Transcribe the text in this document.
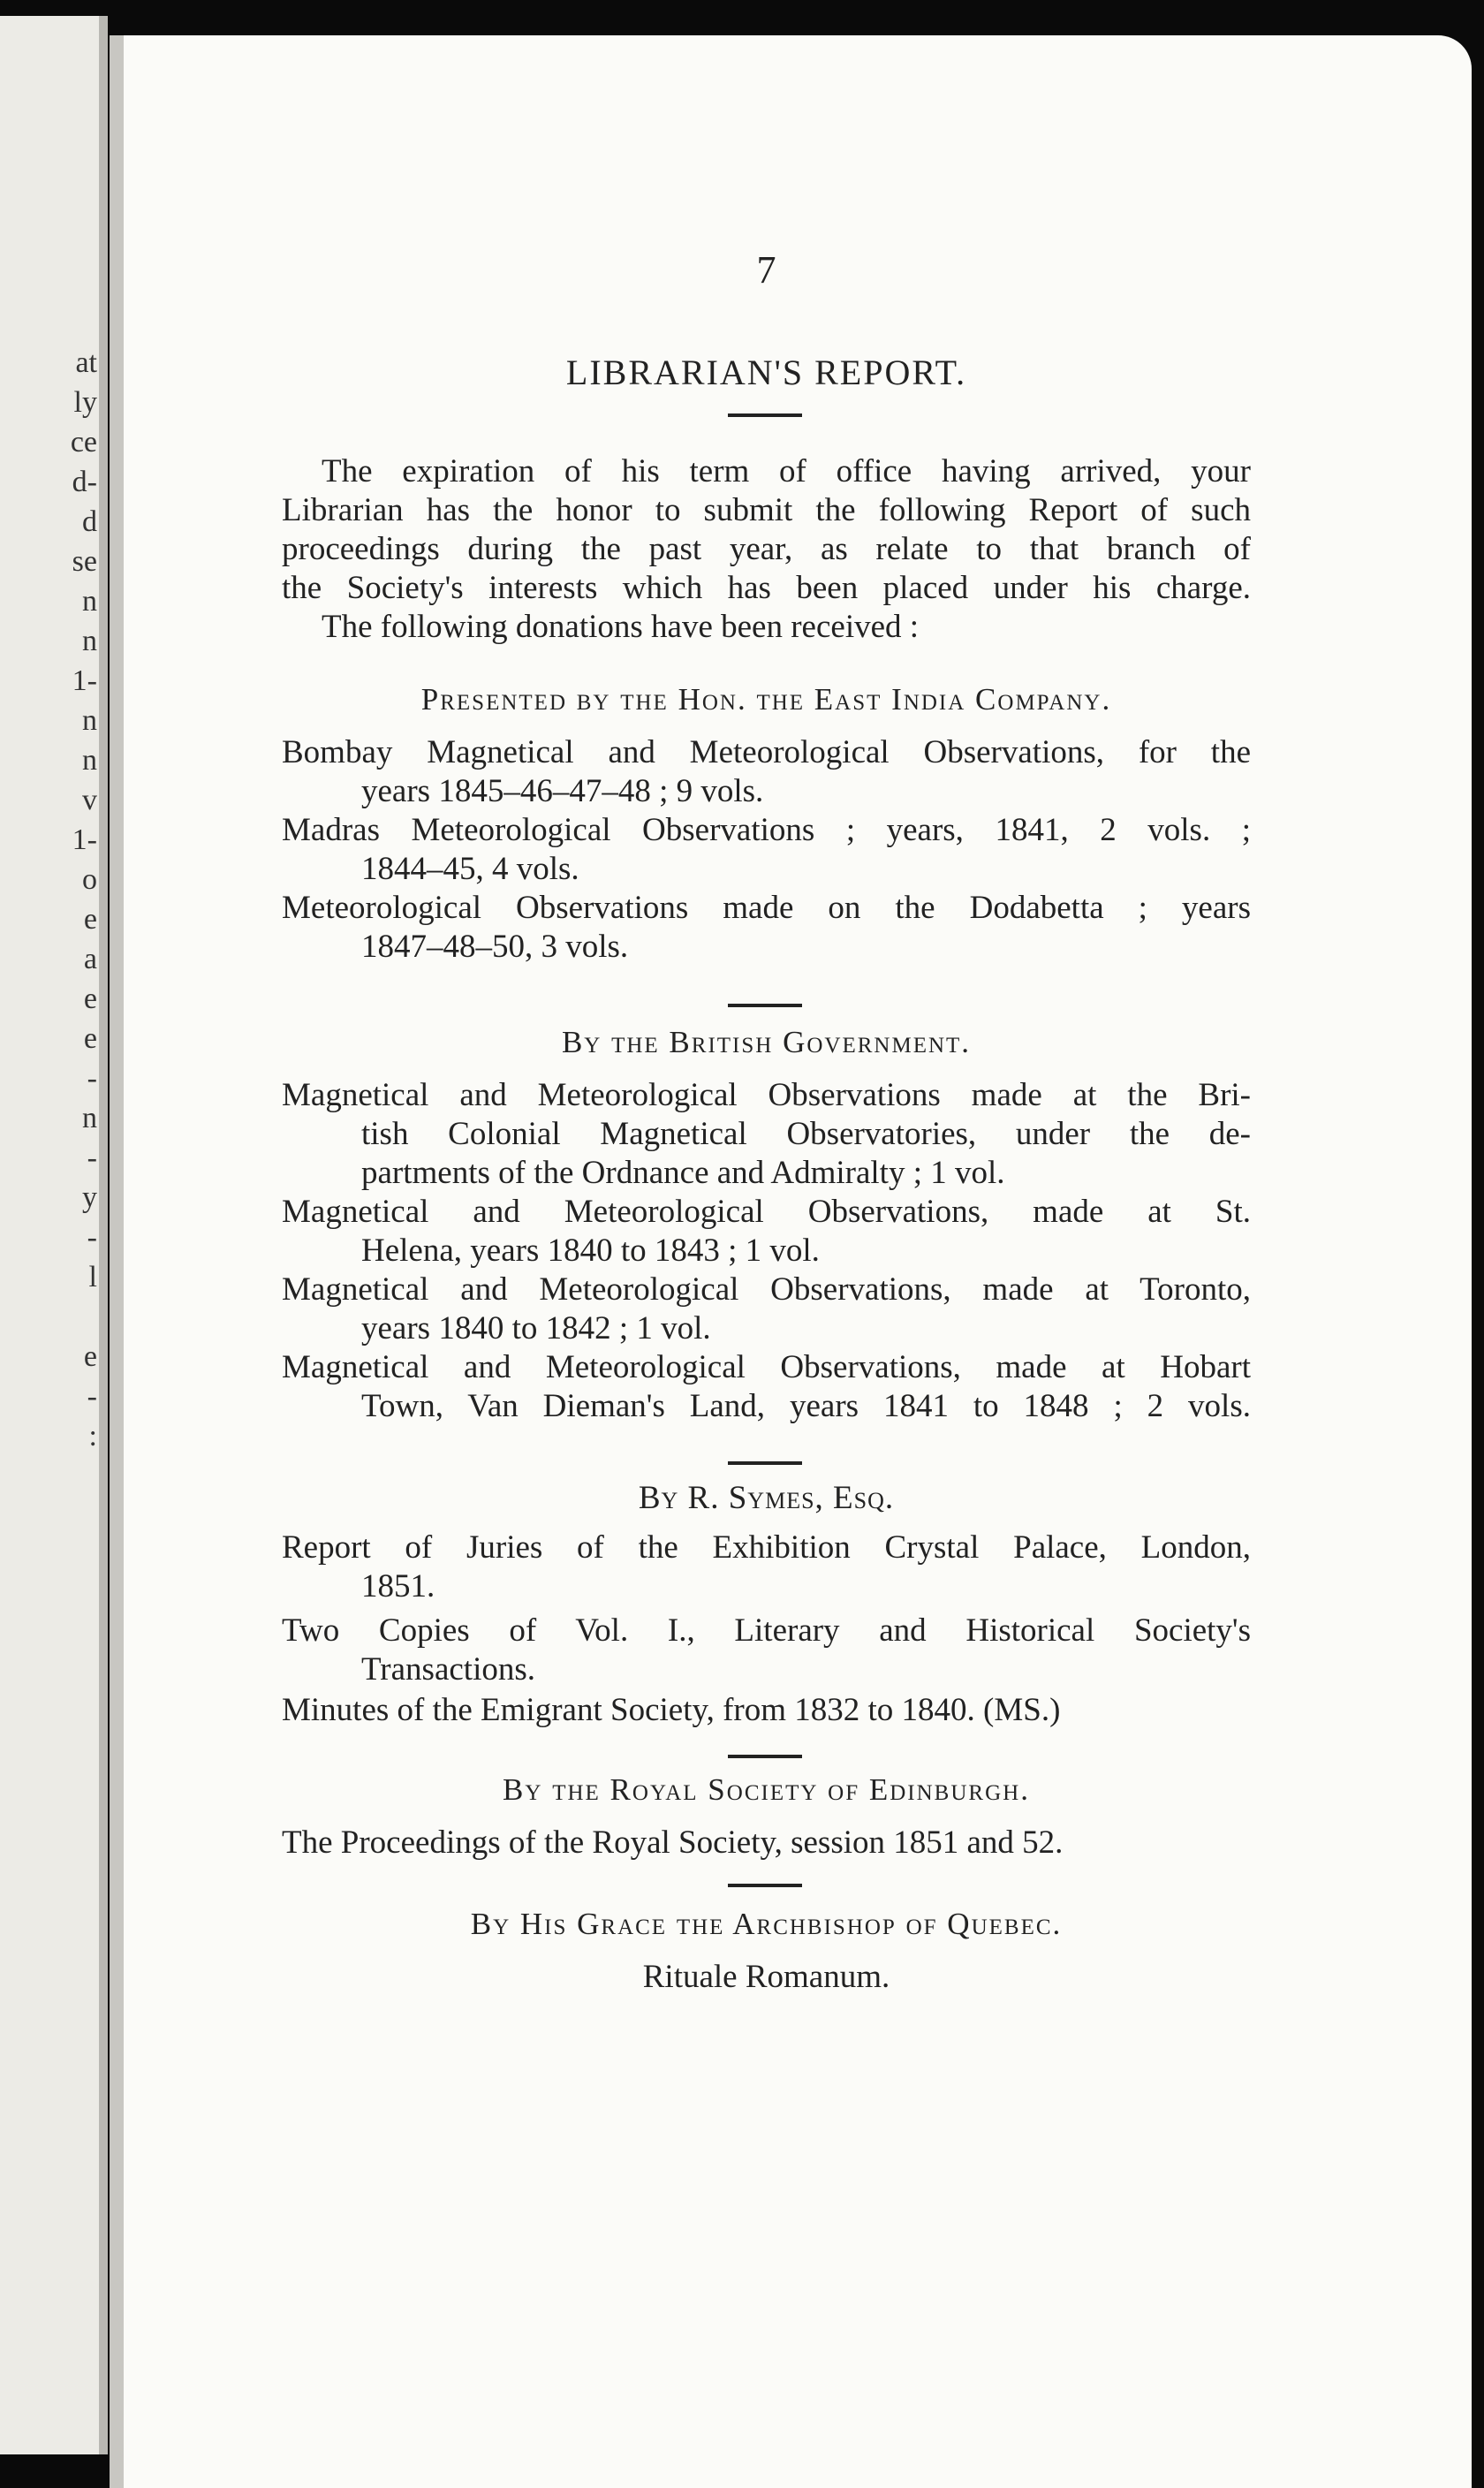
at
ly
ce
d-
d
se
n
n
1-
n
n
v
1-
o
e
a
e
e
-
n
-
y
-
l

e
-
:
7
LIBRARIAN'S REPORT.
The expiration of his term of office having arrived, your
Librarian has the honor to submit the following Report of such
proceedings during the past year, as relate to that branch of
the Society's interests which has been placed under his charge.
The following donations have been received :
Presented by the Hon. the East India Company.
Bombay Magnetical and Meteorological Observations, for the
years 1845–46–47–48 ; 9 vols.
Madras Meteorological Observations ; years, 1841, 2 vols. ;
1844–45, 4 vols.
Meteorological Observations made on the Dodabetta ; years
1847–48–50, 3 vols.
By the British Government.
Magnetical and Meteorological Observations made at the Bri-
tish Colonial Magnetical Observatories, under the de-
partments of the Ordnance and Admiralty ; 1 vol.
Magnetical and Meteorological Observations, made at St.
Helena, years 1840 to 1843 ; 1 vol.
Magnetical and Meteorological Observations, made at Toronto,
years 1840 to 1842 ; 1 vol.
Magnetical and Meteorological Observations, made at Hobart
Town, Van Dieman's Land, years 1841 to 1848 ; 2 vols.
By R. Symes, Esq.
Report of Juries of the Exhibition Crystal Palace, London,
1851.
Two Copies of Vol. I., Literary and Historical Society's
Transactions.
Minutes of the Emigrant Society, from 1832 to 1840. (MS.)
By the Royal Society of Edinburgh.
The Proceedings of the Royal Society, session 1851 and 52.
By His Grace the Archbishop of Quebec.
Rituale Romanum.
